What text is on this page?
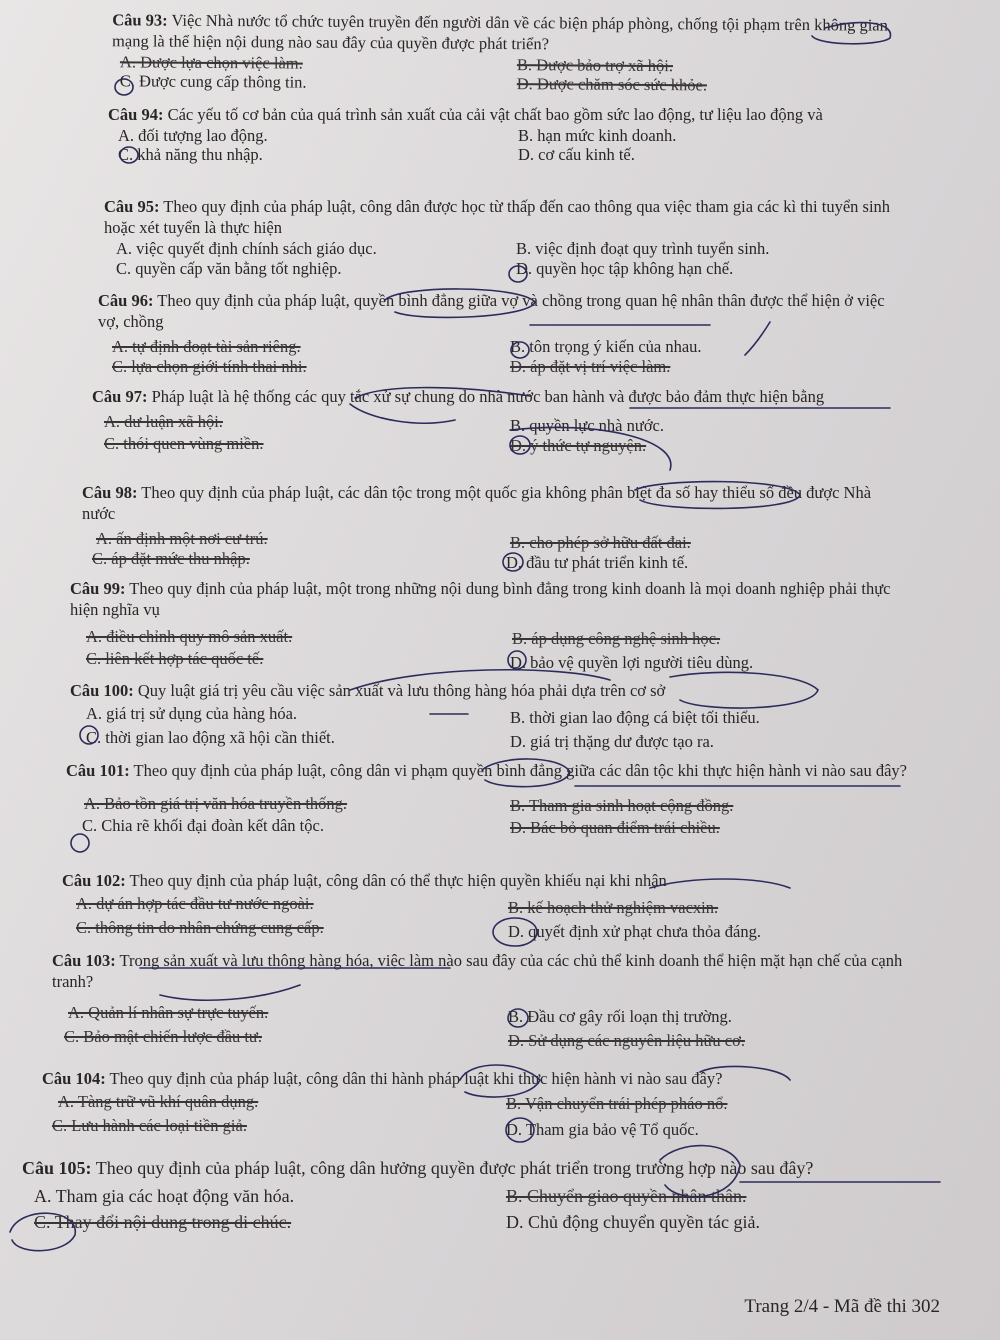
Câu 93: Việc Nhà nước tổ chức tuyên truyền đến người dân về các biện pháp phòng, chống tội phạm trên không gian mạng là thể hiện nội dung nào sau đây của quyền được phát triển?

A. Được lựa chọn việc làm.	B. Được bảo trợ xã hội.
C. Được cung cấp thông tin.	D. Được chăm sóc sức khỏe.

Câu 94: Các yếu tố cơ bản của quá trình sản xuất của cải vật chất bao gồm sức lao động, tư liệu lao động và

A. đối tượng lao động.	B. hạn mức kinh doanh.
C. khả năng thu nhập.	D. cơ cấu kinh tế.

Câu 95: Theo quy định của pháp luật, công dân được học từ thấp đến cao thông qua việc tham gia các kì thi tuyển sinh hoặc xét tuyển là thực hiện

A. việc quyết định chính sách giáo dục.	B. việc định đoạt quy trình tuyển sinh.
C. quyền cấp văn bằng tốt nghiệp.	D. quyền học tập không hạn chế.

Câu 96: Theo quy định của pháp luật, quyền bình đẳng giữa vợ và chồng trong quan hệ nhân thân được thể hiện ở việc vợ, chồng

A. tự định đoạt tài sản riêng.	B. tôn trọng ý kiến của nhau.
C. lựa chọn giới tính thai nhi.	D. áp đặt vị trí việc làm.

Câu 97: Pháp luật là hệ thống các quy tắc xử sự chung do nhà nước ban hành và được bảo đảm thực hiện bằng

A. dư luận xã hội.	B. quyền lực nhà nước.
C. thói quen vùng miền.	D. ý thức tự nguyện.

Câu 98: Theo quy định của pháp luật, các dân tộc trong một quốc gia không phân biệt đa số hay thiểu số đều được Nhà nước

A. ấn định một nơi cư trú.	B. cho phép sở hữu đất đai.
C. áp đặt mức thu nhập.	D. đầu tư phát triển kinh tế.

Câu 99: Theo quy định của pháp luật, một trong những nội dung bình đẳng trong kinh doanh là mọi doanh nghiệp phải thực hiện nghĩa vụ

A. điều chỉnh quy mô sản xuất.	B. áp dụng công nghệ sinh học.
C. liên kết hợp tác quốc tế.	D. bảo vệ quyền lợi người tiêu dùng.

Câu 100: Quy luật giá trị yêu cầu việc sản xuất và lưu thông hàng hóa phải dựa trên cơ sở

A. giá trị sử dụng của hàng hóa.	B. thời gian lao động cá biệt tối thiểu.
C. thời gian lao động xã hội cần thiết.	D. giá trị thặng dư được tạo ra.

Câu 101: Theo quy định của pháp luật, công dân vi phạm quyền bình đẳng giữa các dân tộc khi thực hiện hành vi nào sau đây?

A. Bảo tồn giá trị văn hóa truyền thống.	B. Tham gia sinh hoạt cộng đồng.
C. Chia rẽ khối đại đoàn kết dân tộc.	D. Bác bỏ quan điểm trái chiều.

Câu 102: Theo quy định của pháp luật, công dân có thể thực hiện quyền khiếu nại khi nhận

A. dự án hợp tác đầu tư nước ngoài.	B. kế hoạch thử nghiệm vacxin.
C. thông tin do nhân chứng cung cấp.	D. quyết định xử phạt chưa thỏa đáng.

Câu 103: Trong sản xuất và lưu thông hàng hóa, việc làm nào sau đây của các chủ thể kinh doanh thể hiện mặt hạn chế của cạnh tranh?

A. Quản lí nhân sự trực tuyến.	B. Đầu cơ gây rối loạn thị trường.
C. Bảo mật chiến lược đầu tư.	D. Sử dụng các nguyên liệu hữu cơ.

Câu 104: Theo quy định của pháp luật, công dân thi hành pháp luật khi thực hiện hành vi nào sau đây?

A. Tàng trữ vũ khí quân dụng.	B. Vận chuyển trái phép pháo nổ.
C. Lưu hành các loại tiền giả.	D. Tham gia bảo vệ Tổ quốc.

Câu 105: Theo quy định của pháp luật, công dân hưởng quyền được phát triển trong trường hợp nào sau đây?

A. Tham gia các hoạt động văn hóa.	B. Chuyển giao quyền nhân thân.
C. Thay đổi nội dung trong di chúc.	D. Chủ động chuyển quyền tác giả.
Trang 2/4 - Mã đề thi 302
